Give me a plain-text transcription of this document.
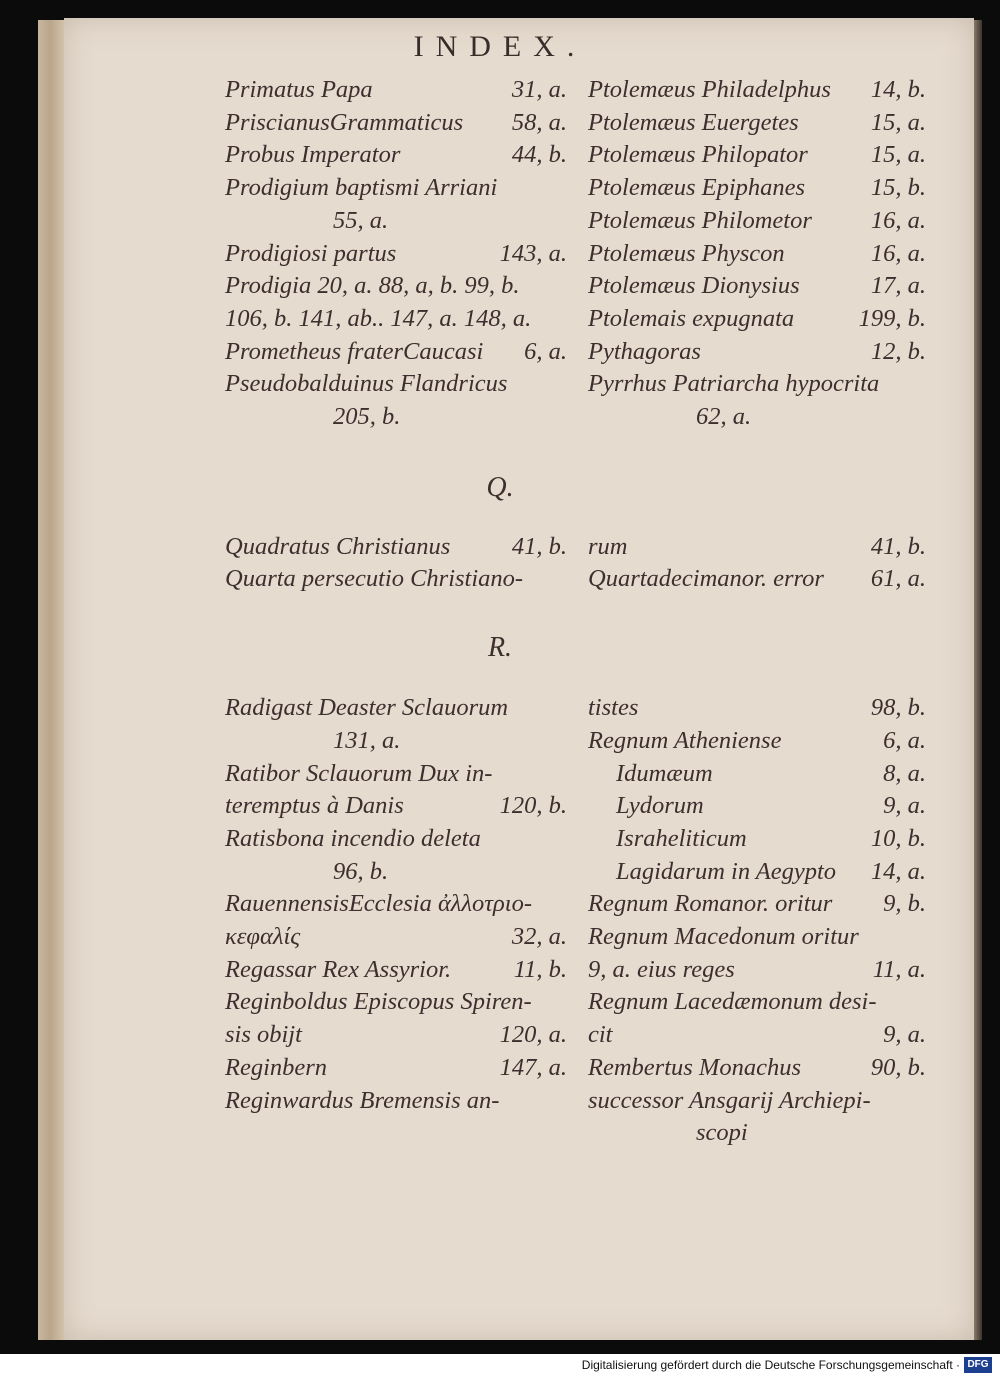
INDEX.
Primatus Papa	31, a.
PriscianusGrammaticus 58, a.
Probus Imperator	44, b.
Prodigium baptismi Arriani
55, a.
Prodigiosi partus	143, a.
Prodigia 20, a. 88, a, b. 99, b.
106, b. 141, ab.. 147, a. 148, a.
Prometheus fraterCaucasi 6, a.
Pseudobalduinus Flandricus
205, b.
Quadratus Christianus	41, b.
Quarta persecutio Christiano-
Radigast Deaster Sclauorum
131, a.
Ratibor Sclauorum Dux in-
teremptus à Danis	120, b.
Ratisbona incendio deleta
96, b.
RauennensisEcclesia ἀλλοτριο-
κεφαλίς	32, a.
Regassar Rex Assyrior.	11, b.
Reginboldus Episcopus Spiren-
sis obijt	120, a.
Reginbern	147, a.
Reginwardus Bremensis an-
Ptolemæus Philadelphus 14, b.
Ptolemæus Euergetes	15, a.
Ptolemæus Philopator	15, a.
Ptolemæus Epiphanes	15, b.
Ptolemæus Philometor 16, a.
Ptolemæus Physcon	16, a.
Ptolemæus Dionysius	17, a.
Ptolemais expugnata	199, b.
Pythagoras	12, b.
Pyrrhus Patriarcha hypocrita
62, a.
rum	41, b.
Quartadecimanor. error 61, a.
tistes	98, b.
Regnum Atheniense	6, a.
Idumæum	8, a.
Lydorum	9, a.
Israheliticum	10, b.
Lagidarum in Aegypto 14, a.
Regnum Romanor. oritur 9, b.
Regnum Macedonum oritur
9, a. eius reges	11, a.
Regnum Lacedæmonum desi-
cit	9, a.
Rembertus Monachus	90, b.
successor Ansgarij Archiepi-
scopi
Q.
R.
Digitalisierung gefördert durch die Deutsche Forschungsgemeinschaft · DFG
